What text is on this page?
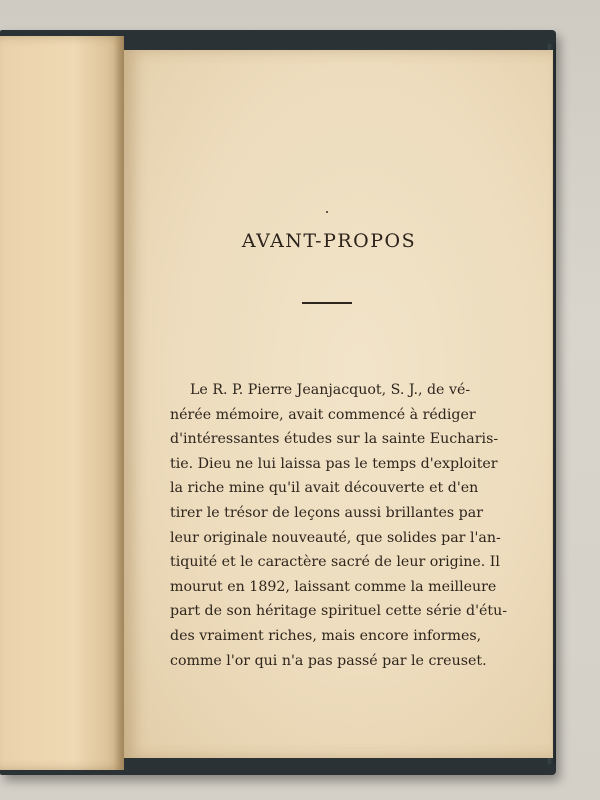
AVANT-PROPOS
Le R. P. Pierre Jeanjacquot, S. J., de vé-
nérée mémoire, avait commencé à rédiger
d'intéressantes études sur la sainte Eucharis-
tie. Dieu ne lui laissa pas le temps d'exploiter
la riche mine qu'il avait découverte et d'en
tirer le trésor de leçons aussi brillantes par
leur originale nouveauté, que solides par l'an-
tiquité et le caractère sacré de leur origine. Il
mourut en 1892, laissant comme la meilleure
part de son héritage spirituel cette série d'étu-
des vraiment riches, mais encore informes,
comme l'or qui n'a pas passé par le creuset.
